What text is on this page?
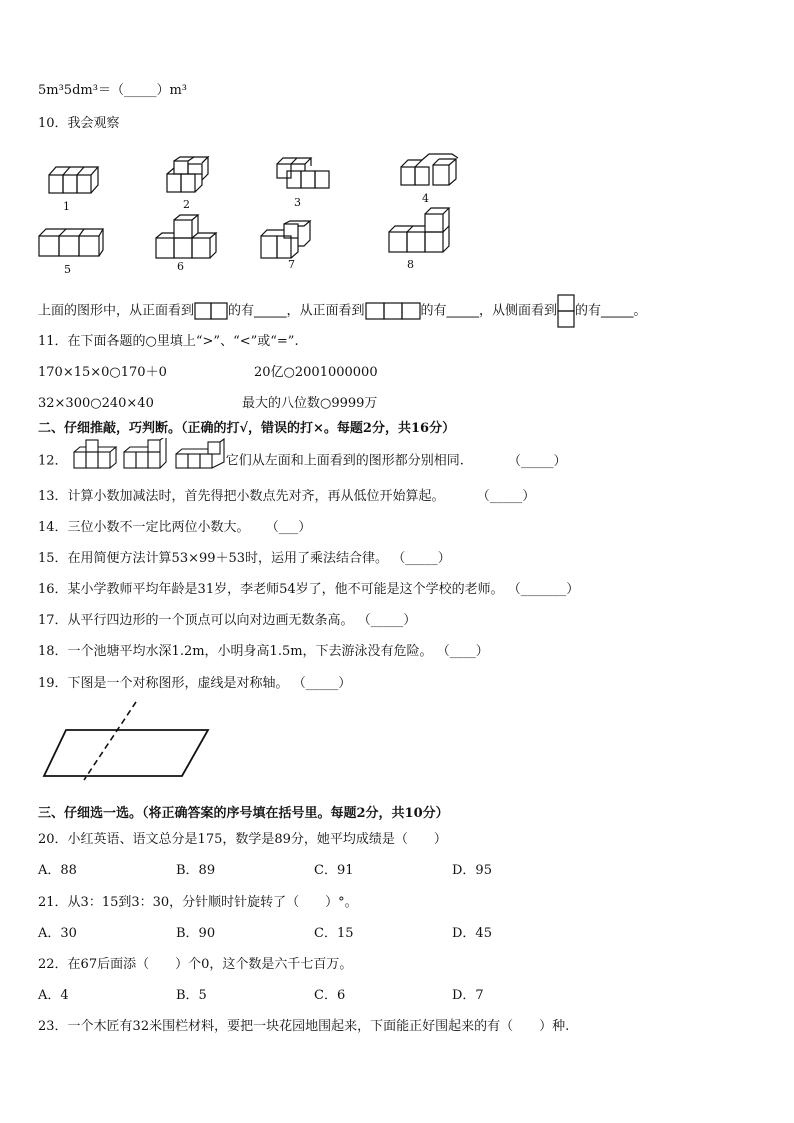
5m³5dm³＝（_____）m³
10．我会观察
1	2	3	4
5	6	7	8
上面的图形中，从正面看到	的有_____，从正面看到	的有_____，从侧面看到 的有_____。
11．在下面各题的○里填上“>”、“<”或“=”.
170×15×0○170＋0	20亿○2001000000
32×300○240×40	最大的八位数○9999万
二、仔细推敲，巧判断。（正确的打√，错误的打×。每题2分，共16分）
12．	它们从左面和上面看到的图形都分别相同.	（_____）
13．计算小数加减法时，首先得把小数点先对齐，再从低位开始算起。 （_____）
14．三位小数不一定比两位小数大。 （___）
15．在用简便方法计算53×99＋53时，运用了乘法结合律。 （_____）
16．某小学教师平均年龄是31岁，李老师54岁了，他不可能是这个学校的老师。 （_______）
17．从平行四边形的一个顶点可以向对边画无数条高。 （_____）
18．一个池塘平均水深1.2m，小明身高1.5m，下去游泳没有危险。 （____）
19．下图是一个对称图形，虚线是对称轴。 （_____）
三、仔细选一选。（将正确答案的序号填在括号里。每题2分，共10分）
20．小红英语、语文总分是175，数学是89分，她平均成绩是（　　）
A．88	B．89	C．91	D．95
21．从3：15到3：30，分针顺时针旋转了（　　）°。
A．30	B．90	C．15	D．45
22．在67后面添（　　）个0，这个数是六千七百万。
A．4	B．5	C．6	D．7
23．一个木匠有32米围栏材料，要把一块花园地围起来，下面能正好围起来的有（　　）种.
